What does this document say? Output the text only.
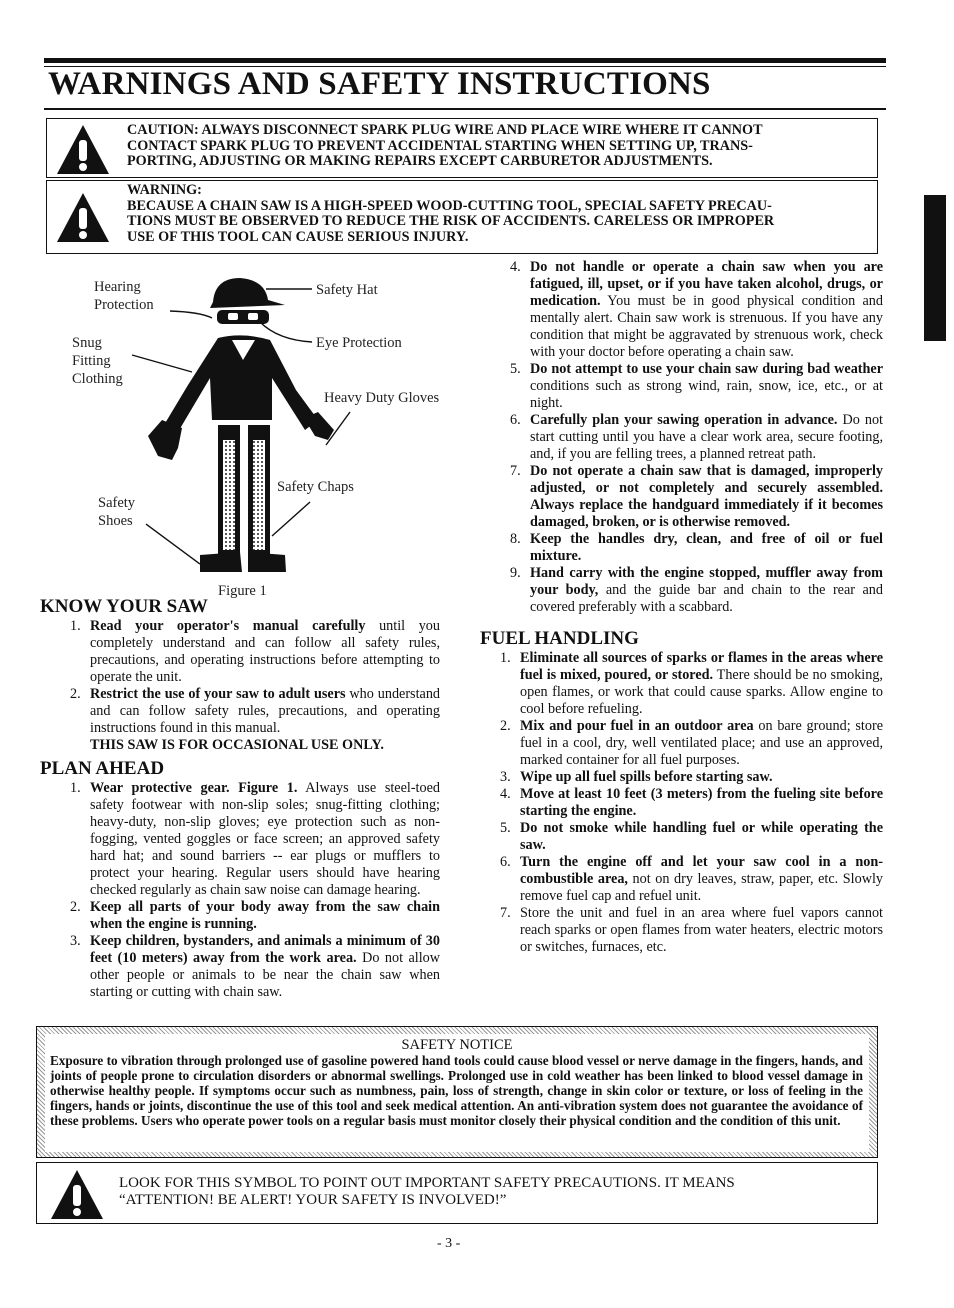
WARNINGS AND SAFETY INSTRUCTIONS
CAUTION: ALWAYS DISCONNECT SPARK PLUG WIRE AND PLACE WIRE WHERE IT CANNOT
CONTACT SPARK PLUG TO PREVENT ACCIDENTAL STARTING WHEN SETTING UP, TRANS-
PORTING, ADJUSTING OR MAKING REPAIRS EXCEPT CARBURETOR ADJUSTMENTS.
WARNING:
BECAUSE A CHAIN SAW IS A HIGH-SPEED WOOD-CUTTING TOOL, SPECIAL SAFETY PRECAU-
TIONS MUST BE OBSERVED TO REDUCE THE RISK OF ACCIDENTS. CARELESS OR IMPROPER
USE OF THIS TOOL CAN CAUSE SERIOUS INJURY.
Hearing
Protection
Safety Hat
Snug
Fitting
Clothing
Eye Protection
Heavy Duty Gloves
Safety Chaps
Safety
Shoes
Figure 1
KNOW YOUR SAW
1. Read your operator's manual carefully until you completely understand and can follow all safety rules, precautions, and operating instructions before attempting to operate the unit.
2. Restrict the use of your saw to adult users who understand and can follow safety rules, precautions, and operating instructions found in this manual.
THIS SAW IS FOR OCCASIONAL USE ONLY.
PLAN AHEAD
1. Wear protective gear. Figure 1. Always use steel-toed safety footwear with non-slip soles; snug-fitting clothing; heavy-duty, non-slip gloves; eye protection such as non-fogging, vented goggles or face screen; an approved safety hard hat; and sound barriers -- ear plugs or mufflers to protect your hearing. Regular users should have hearing checked regularly as chain saw noise can damage hearing.
2. Keep all parts of your body away from the saw chain when the engine is running.
3. Keep children, bystanders, and animals a minimum of 30 feet (10 meters) away from the work area. Do not allow other people or animals to be near the chain saw when starting or cutting with chain saw.
4. Do not handle or operate a chain saw when you are fatigued, ill, upset, or if you have taken alcohol, drugs, or medication. You must be in good physical condition and mentally alert. Chain saw work is strenuous. If you have any condition that might be aggravated by strenuous work, check with your doctor before operating a chain saw.
5. Do not attempt to use your chain saw during bad weather conditions such as strong wind, rain, snow, ice, etc., or at night.
6. Carefully plan your sawing operation in advance. Do not start cutting until you have a clear work area, secure footing, and, if you are felling trees, a planned retreat path.
7. Do not operate a chain saw that is damaged, improperly adjusted, or not completely and securely assembled. Always replace the handguard immediately if it becomes damaged, broken, or is otherwise removed.
8. Keep the handles dry, clean, and free of oil or fuel mixture.
9. Hand carry with the engine stopped, muffler away from your body, and the guide bar and chain to the rear and covered preferably with a scabbard.
FUEL HANDLING
1. Eliminate all sources of sparks or flames in the areas where fuel is mixed, poured, or stored. There should be no smoking, open flames, or work that could cause sparks. Allow engine to cool before refueling.
2. Mix and pour fuel in an outdoor area on bare ground; store fuel in a cool, dry, well ventilated place; and use an approved, marked container for all fuel purposes.
3. Wipe up all fuel spills before starting saw.
4. Move at least 10 feet (3 meters) from the fueling site before starting the engine.
5. Do not smoke while handling fuel or while operating the saw.
6. Turn the engine off and let your saw cool in a non-combustible area, not on dry leaves, straw, paper, etc. Slowly remove fuel cap and refuel unit.
7. Store the unit and fuel in an area where fuel vapors cannot reach sparks or open flames from water heaters, electric motors or switches, furnaces, etc.
SAFETY NOTICE
Exposure to vibration through prolonged use of gasoline powered hand tools could cause blood vessel or nerve damage in the fingers, hands, and joints of people prone to circulation disorders or abnormal swellings. Prolonged use in cold weather has been linked to blood vessel damage in otherwise healthy people. If symptoms occur such as numbness, pain, loss of strength, change in skin color or texture, or loss of feeling in the fingers, hands or joints, discontinue the use of this tool and seek medical attention. An anti-vibration system does not guarantee the avoidance of these problems. Users who operate power tools on a regular basis must monitor closely their physical condition and the condition of this unit.
LOOK FOR THIS SYMBOL TO POINT OUT IMPORTANT SAFETY PRECAUTIONS. IT MEANS
“ATTENTION! BE ALERT! YOUR SAFETY IS INVOLVED!”
- 3 -
